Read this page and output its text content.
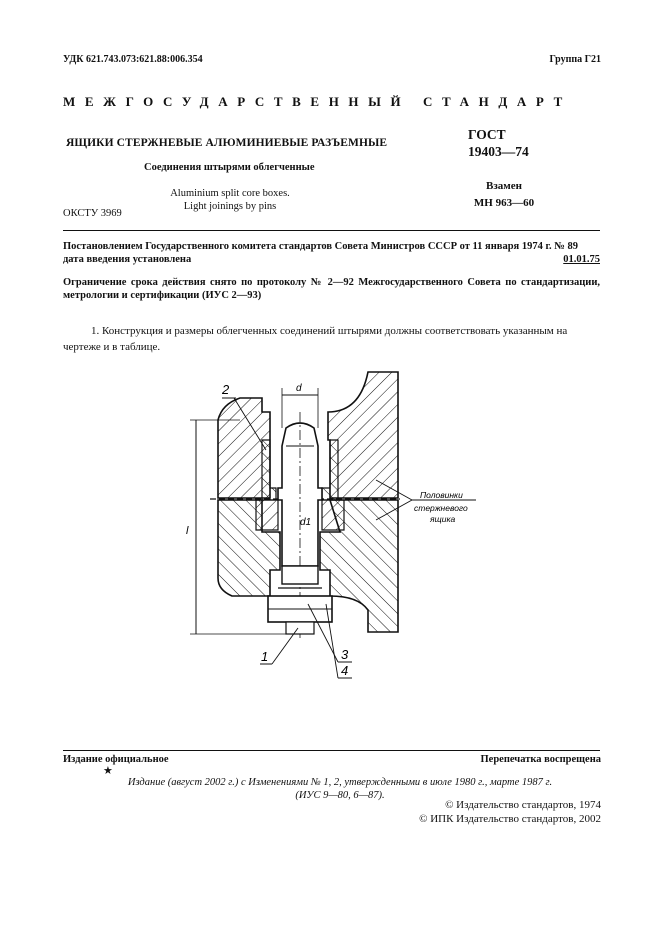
УДК 621.743.073:621.88:006.354	Группа Г21
МЕЖГОСУДАРСТВЕННЫЙ СТАНДАРТ
ЯЩИКИ СТЕРЖНЕВЫЕ АЛЮМИНИЕВЫЕ РАЗЪЕМНЫЕ
Соединения штырями облегченные
Aluminium split core boxes.
Light joinings by pins
ОКСТУ 3969
ГОСТ
19403—74
Взамен
МН 963—60
Постановлением Государственного комитета стандартов Совета Министров СССР от 11 января 1974 г. № 89
дата введения установлена	01.01.75
Ограничение срока действия снято по протоколу № 2—92 Межгосударственного Совета по стандартизации, метрологии и сертификации (ИУС 2—93)
1. Конструкция и размеры облегченных соединений штырями должны соответствовать указанным на чертеже и в таблице.
d
l
d1
2
1	3
4
Половинки
стержневого
ящика
Издание официальное	Перепечатка воспрещена
★
Издание (август 2002 г.) с Изменениями № 1, 2, утвержденными в июле 1980 г., марте 1987 г.
(ИУС 9—80, 6—87).
© Издательство стандартов, 1974
© ИПК Издательство стандартов, 2002
